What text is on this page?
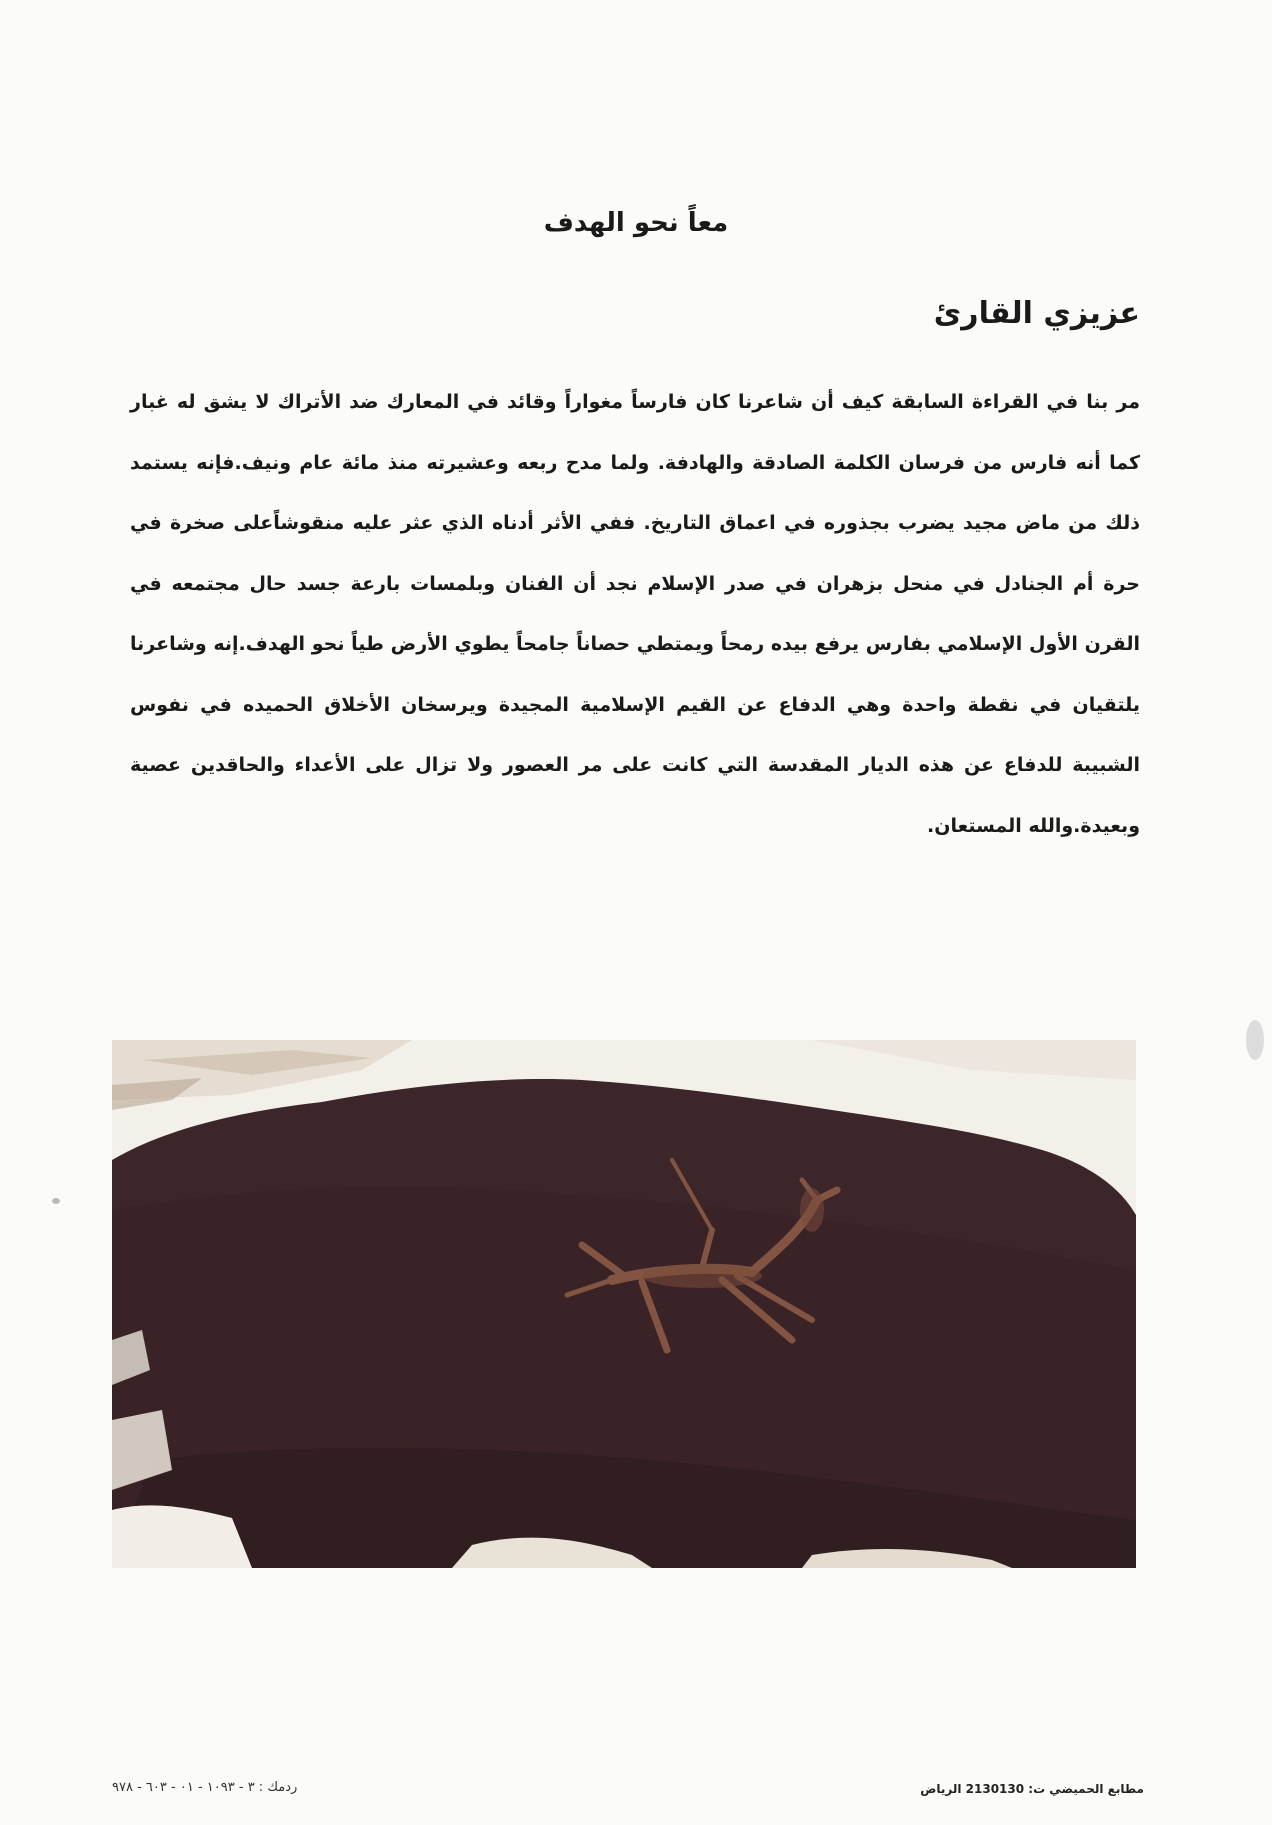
معاً نحو الهدف
عزيزي القارئ
مر بنا في القراءة السابقة كيف أن شاعرنا كان فارساً مغواراً وقائد في المعارك ضد الأتراك لا يشق له غبار كما أنه فارس من فرسان الكلمة الصادقة والهادفة. ولما مدح ربعه وعشيرته منذ مائة عام ونيف.فإنه يستمد ذلك من ماض مجيد يضرب بجذوره في اعماق التاريخ. ففي الأثر أدناه الذي عثر عليه منقوشاًعلى صخرة في حرة أم الجنادل في منحل بزهران في صدر الإسلام نجد أن الفنان وبلمسات بارعة جسد حال مجتمعه في القرن الأول الإسلامي بفارس يرفع بيده رمحاً ويمتطي حصاناً جامحاً يطوي الأرض طياً نحو الهدف.إنه وشاعرنا يلتقيان في نقطة واحدة وهي الدفاع عن القيم الإسلامية المجيدة ويرسخان الأخلاق الحميده في نفوس الشبيبة للدفاع عن هذه الديار المقدسة التي كانت على مر العصور ولا تزال على الأعداء والحاقدين عصية وبعيدة.والله المستعان.
ردمك : ٣ - ١٠٩٣ - ٠١ - ٦٠٣ - ٩٧٨	مطابع الحميضي ت: 2130130 الرياض
